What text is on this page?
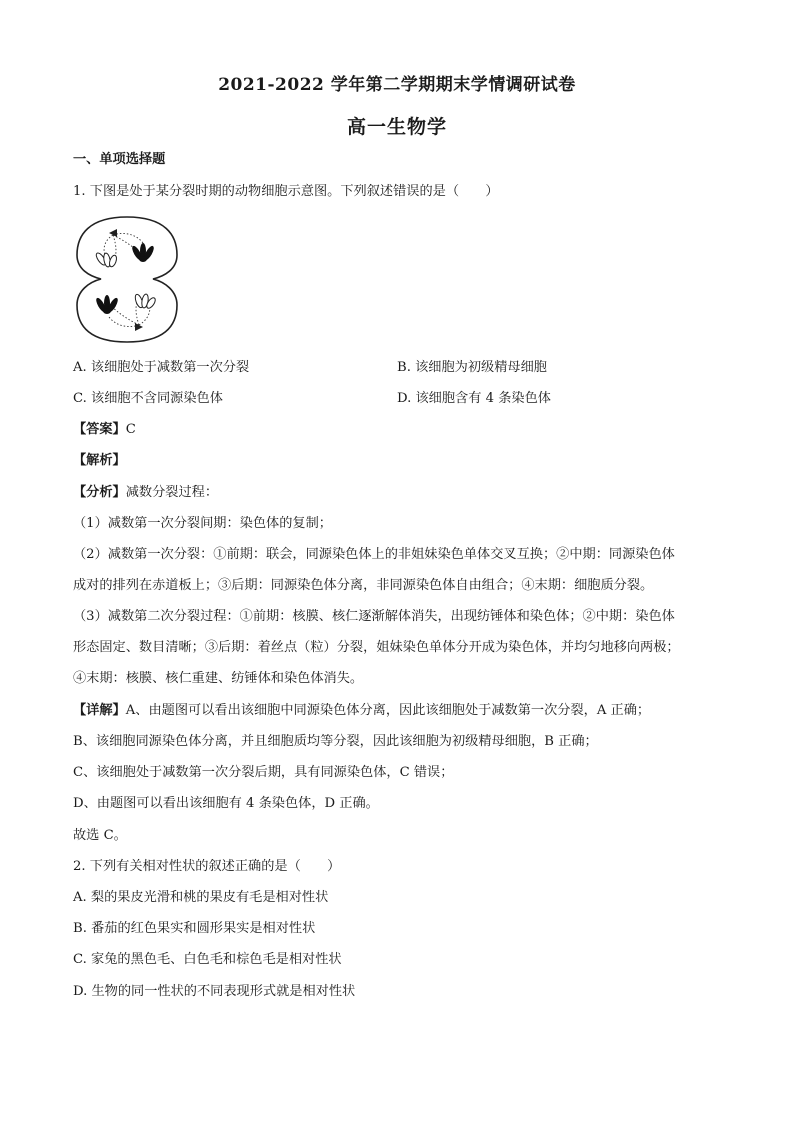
2021-2022 学年第二学期期末学情调研试卷
高一生物学
一、单项选择题
1. 下图是处于某分裂时期的动物细胞示意图。下列叙述错误的是（　　）
A. 该细胞处于减数第一次分裂	B. 该细胞为初级精母细胞
C. 该细胞不含同源染色体	D. 该细胞含有 4 条染色体
【答案】C
【解析】
【分析】减数分裂过程：
（1）减数第一次分裂间期：染色体的复制；
（2）减数第一次分裂：①前期：联会，同源染色体上的非姐妹染色单体交叉互换；②中期：同源染色体
成对的排列在赤道板上；③后期：同源染色体分离，非同源染色体自由组合；④末期：细胞质分裂。
（3）减数第二次分裂过程：①前期：核膜、核仁逐渐解体消失，出现纺锤体和染色体；②中期：染色体
形态固定、数目清晰；③后期：着丝点（粒）分裂，姐妹染色单体分开成为染色体，并均匀地移向两极；
④末期：核膜、核仁重建、纺锤体和染色体消失。
【详解】A、由题图可以看出该细胞中同源染色体分离，因此该细胞处于减数第一次分裂，A 正确；
B、该细胞同源染色体分离，并且细胞质均等分裂，因此该细胞为初级精母细胞，B 正确；
C、该细胞处于减数第一次分裂后期，具有同源染色体，C 错误；
D、由题图可以看出该细胞有 4 条染色体，D 正确。
故选 C。
2. 下列有关相对性状的叙述正确的是（　　）
A. 梨的果皮光滑和桃的果皮有毛是相对性状
B. 番茄的红色果实和圆形果实是相对性状
C. 家兔的黑色毛、白色毛和棕色毛是相对性状
D. 生物的同一性状的不同表现形式就是相对性状
